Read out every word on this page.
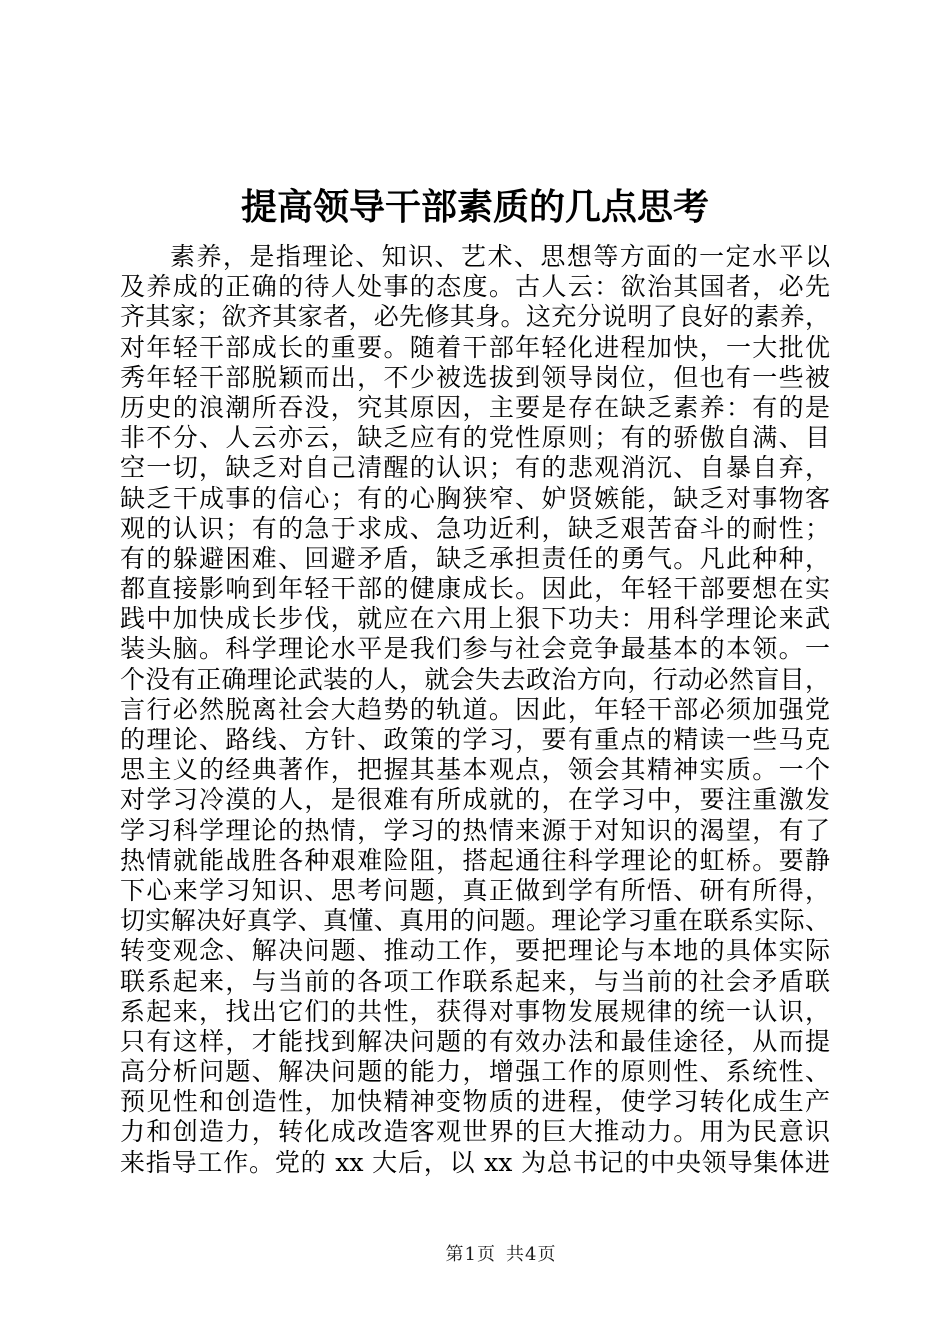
提高领导干部素质的几点思考

素养，是指理论、知识、艺术、思想等方面的一定水平以

及养成的正确的待人处事的态度。古人云：欲治其国者，必先

齐其家；欲齐其家者，必先修其身。这充分说明了良好的素养，

对年轻干部成长的重要。随着干部年轻化进程加快，一大批优

秀年轻干部脱颖而出，不少被选拔到领导岗位，但也有一些被

历史的浪潮所吞没，究其原因，主要是存在缺乏素养：有的是

非不分、人云亦云，缺乏应有的党性原则；有的骄傲自满、目

空一切，缺乏对自己清醒的认识；有的悲观消沉、自暴自弃，

缺乏干成事的信心；有的心胸狭窄、妒贤嫉能，缺乏对事物客

观的认识；有的急于求成、急功近利，缺乏艰苦奋斗的耐性；

有的躲避困难、回避矛盾，缺乏承担责任的勇气。凡此种种，

都直接影响到年轻干部的健康成长。因此，年轻干部要想在实

践中加快成长步伐，就应在六用上狠下功夫：用科学理论来武

装头脑。科学理论水平是我们参与社会竞争最基本的本领。一

个没有正确理论武装的人，就会失去政治方向，行动必然盲目，

言行必然脱离社会大趋势的轨道。因此，年轻干部必须加强党

的理论、路线、方针、政策的学习，要有重点的精读一些马克

思主义的经典著作，把握其基本观点，领会其精神实质。一个

对学习冷漠的人，是很难有所成就的，在学习中，要注重激发

学习科学理论的热情，学习的热情来源于对知识的渴望，有了

热情就能战胜各种艰难险阻，搭起通往科学理论的虹桥。要静

下心来学习知识、思考问题，真正做到学有所悟、研有所得，

切实解决好真学、真懂、真用的问题。理论学习重在联系实际、

转变观念、解决问题、推动工作，要把理论与本地的具体实际

联系起来，与当前的各项工作联系起来，与当前的社会矛盾联

系起来，找出它们的共性，获得对事物发展规律的统一认识，

只有这样，才能找到解决问题的有效办法和最佳途径，从而提

高分析问题、解决问题的能力，增强工作的原则性、系统性、

预见性和创造性，加快精神变物质的进程，使学习转化成生产

力和创造力，转化成改造客观世界的巨大推动力。用为民意识

来指导工作。党的 xx 大后，以 xx 为总书记的中央领导集体进

第1页 共4页
